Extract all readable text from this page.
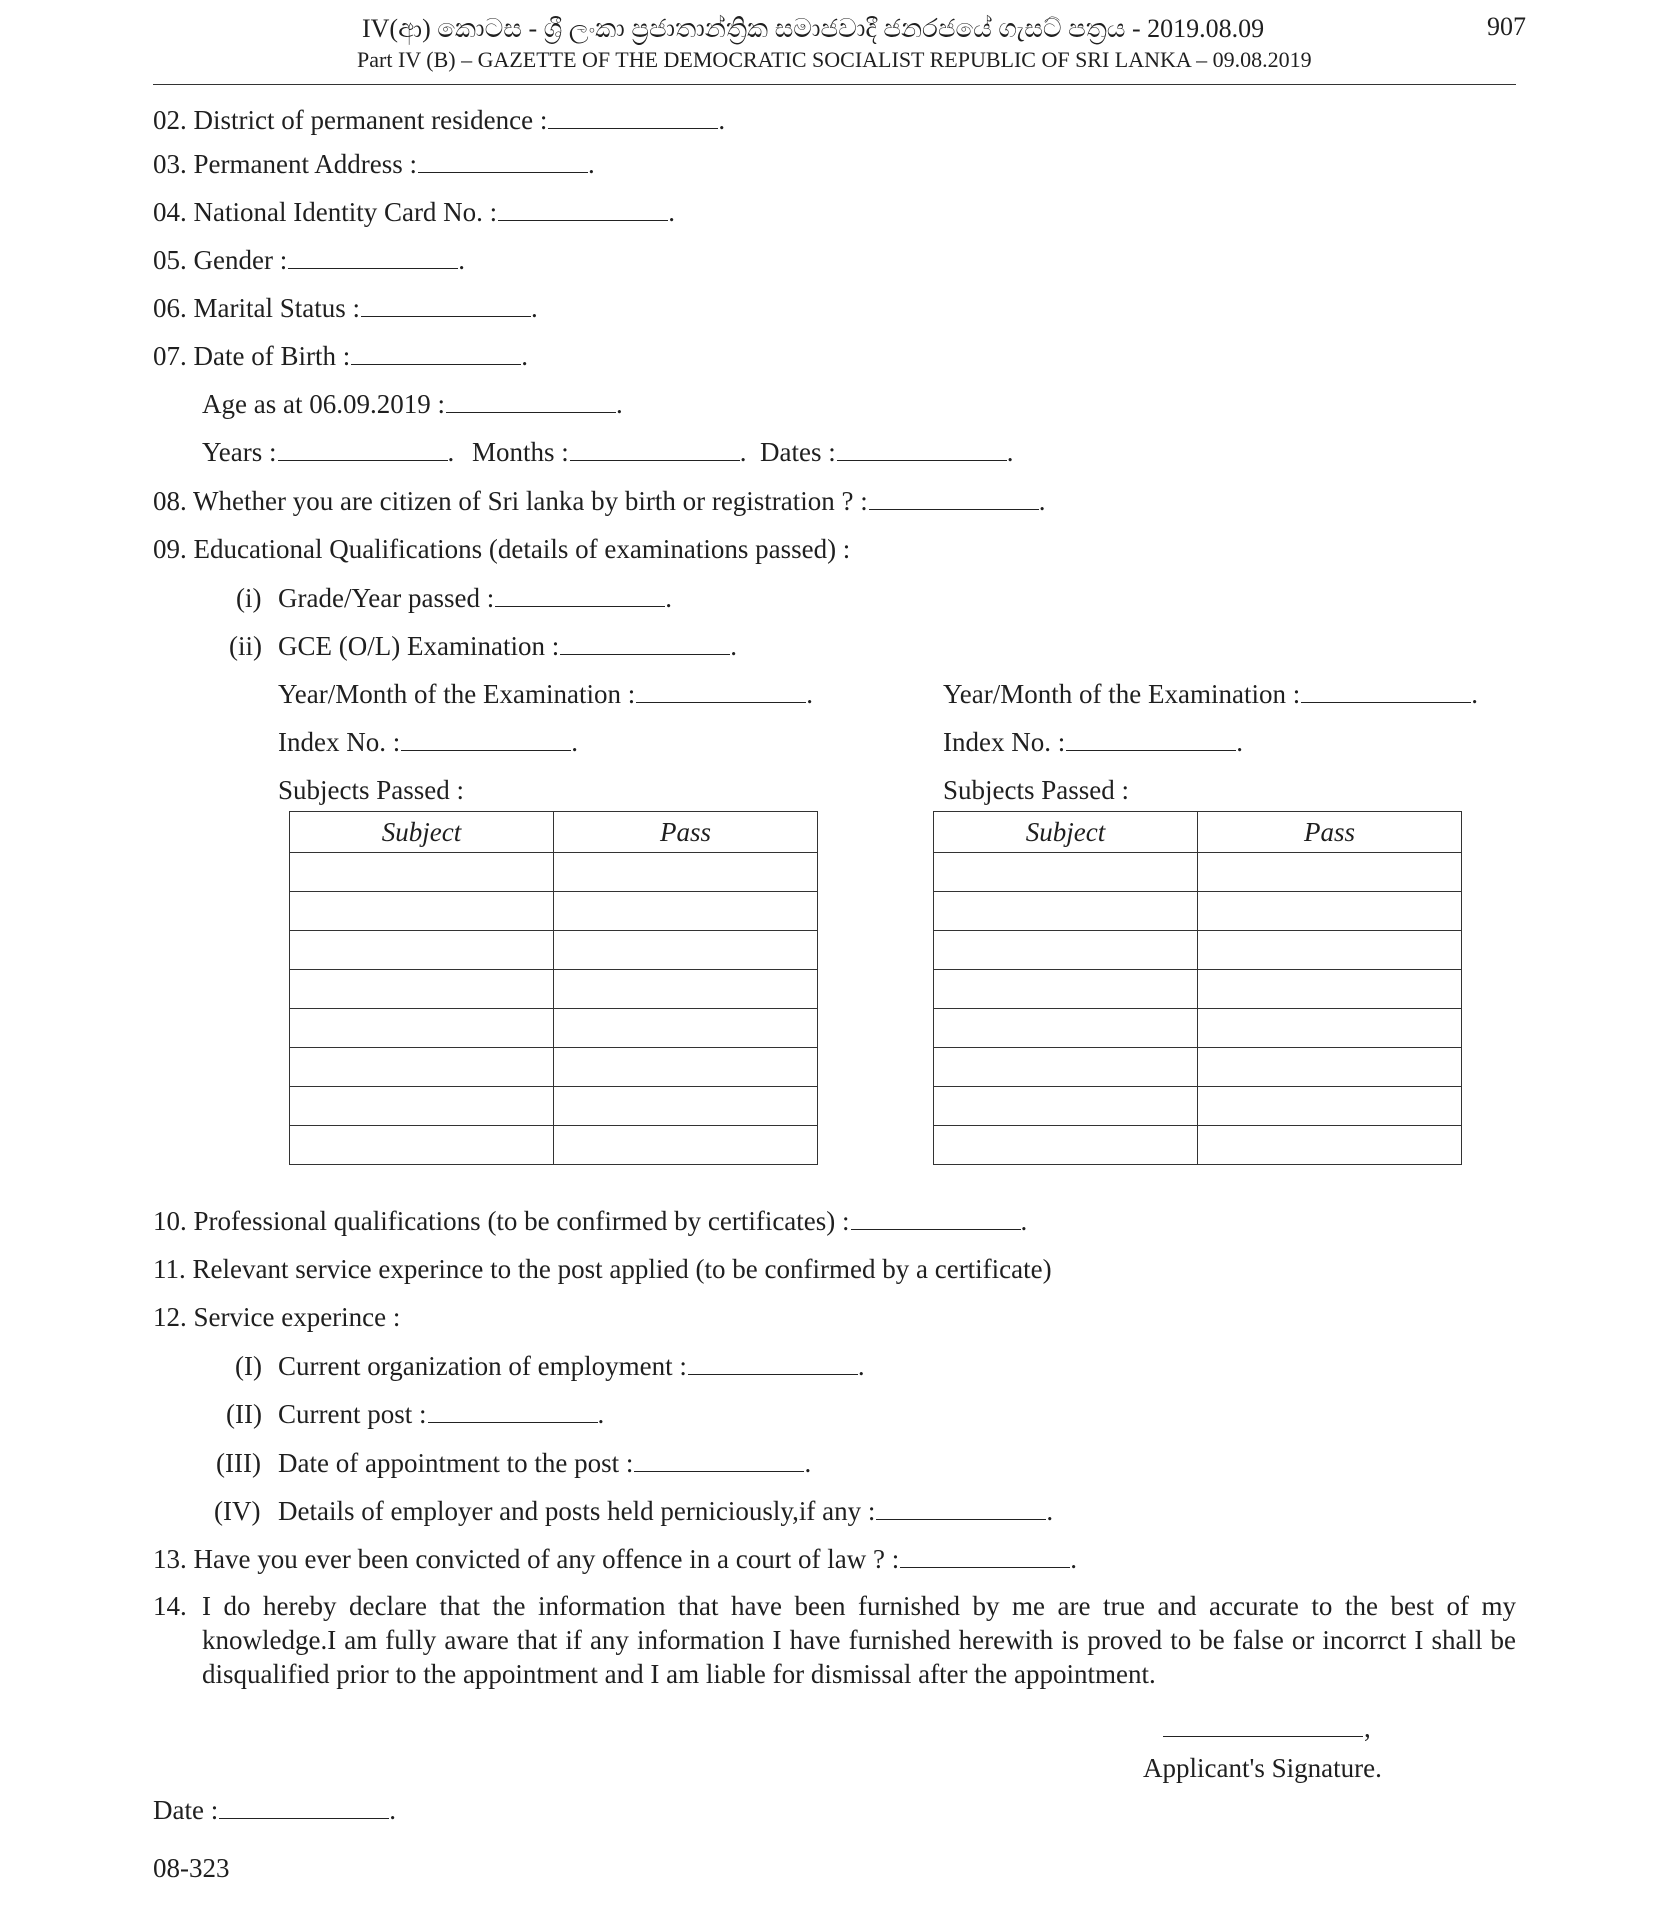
IV(ආ) කොටස - ශ්‍රී ලංකා ප්‍රජාතාන්ත්‍රික සමාජවාදී ජනරජයේ ගැසට් පත්‍රය - 2019.08.09	907
Part IV (B) – GAZETTE OF THE DEMOCRATIC SOCIALIST REPUBLIC OF SRI LANKA – 09.08.2019
02. District of permanent residence :	.
03. Permanent Address :	.
04. National Identity Card No. :	.
05. Gender :	.
06. Marital Status :	.
07. Date of Birth :	.
Age as at 06.09.2019 :	.
Years :	. Months :	. Dates :	.
08. Whether you are citizen of Sri lanka by birth or registration ? :	.
09. Educational Qualifications (details of examinations passed) :
(i) Grade/Year passed :	.
(ii) GCE (O/L) Examination :	.
Year/Month of the Examination :	.
Index No. :	.
Subjects Passed :
Year/Month of the Examination :	.
Index No. :	.
Subjects Passed :
Subject	Pass

		Subject	Pass

10. Professional qualifications (to be confirmed by certificates) :	.
11. Relevant service experince to the post applied (to be confirmed by a certificate)
12. Service experince :
(I) Current organization of employment :	.
(II) Current post :	.
(III) Date of appointment to the post :	.
(IV) Details of employer and posts held perniciously,if any :	.
13. Have you ever been convicted of any offence in a court of law ? :	.
14. I do hereby declare that the information that have been furnished by me are true and accurate to the best of my knowledge.I am fully aware that if any information I have furnished herewith is proved to be false or incorrct I shall be disqualified prior to the appointment and I am liable for dismissal after the appointment.
,
Applicant's Signature.
Date :	.
08-323
